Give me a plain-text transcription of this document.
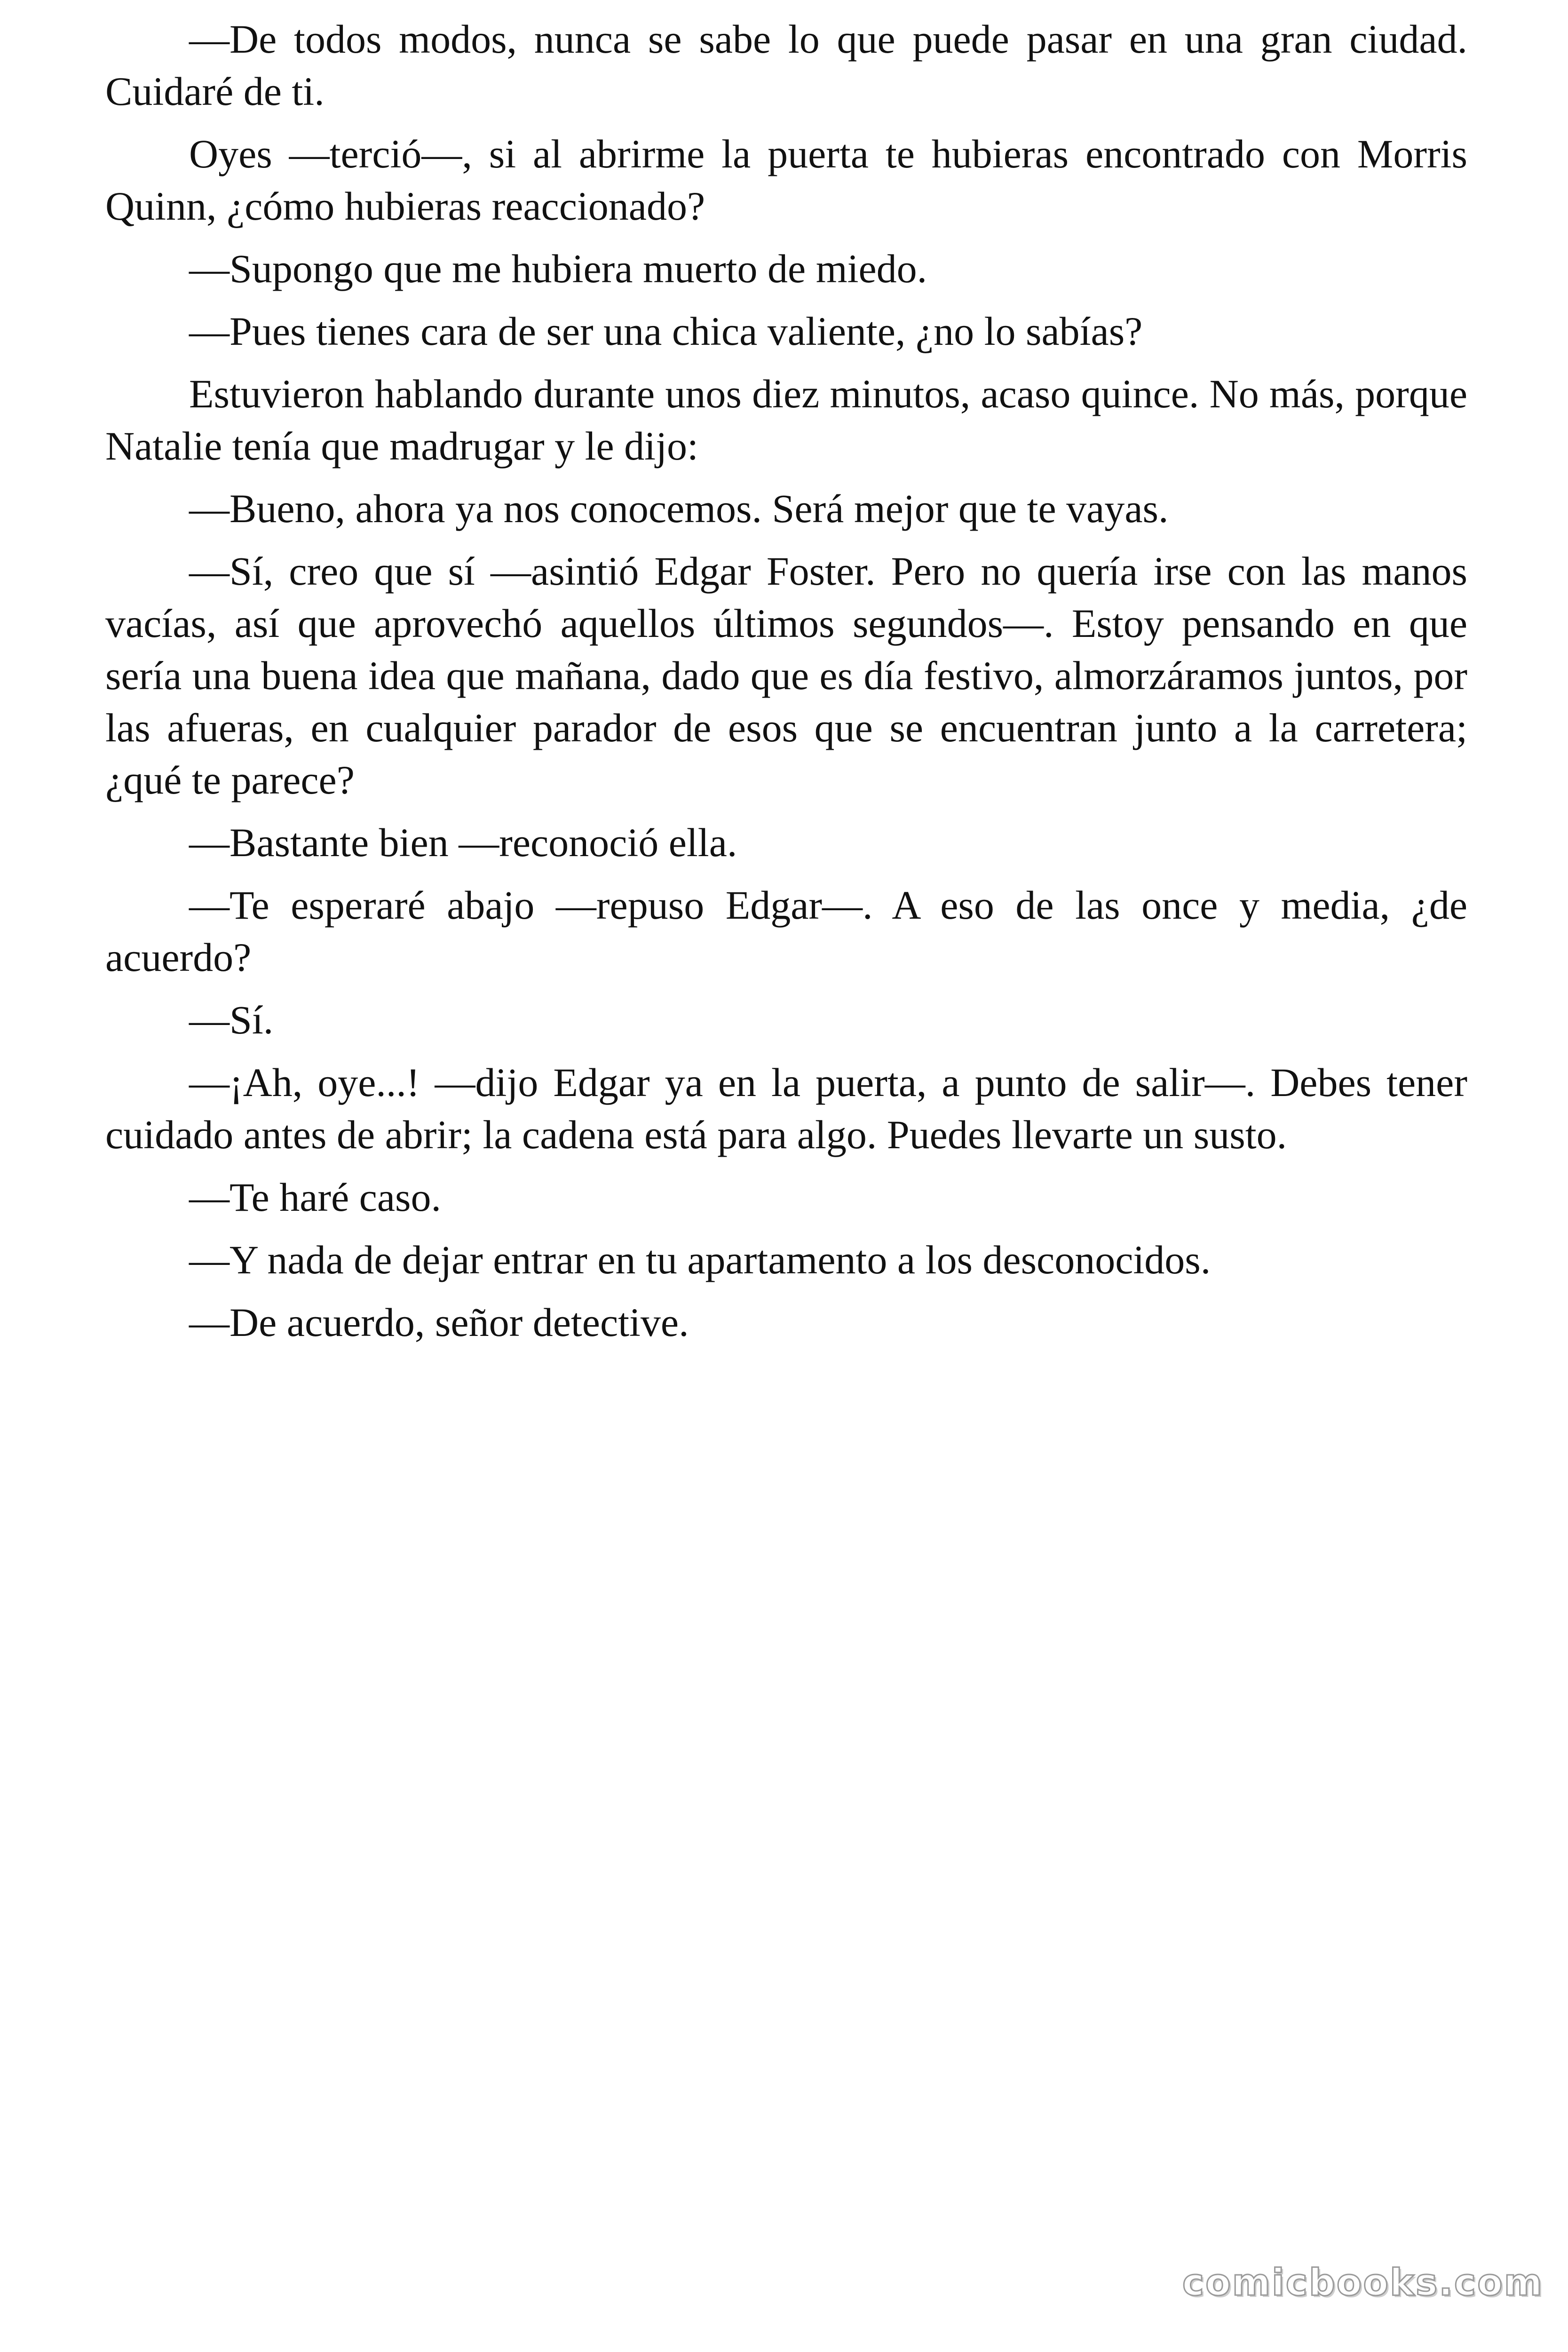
—De todos modos, nunca se sabe lo que puede pasar en una gran ciudad. Cuidaré de ti.

Oyes —terció—, si al abrirme la puerta te hubieras encontrado con Morris Quinn, ¿cómo hubieras reaccionado?

—Supongo que me hubiera muerto de miedo.

—Pues tienes cara de ser una chica valiente, ¿no lo sabías?

Estuvieron hablando durante unos diez minutos, acaso quince. No más, porque Natalie tenía que madrugar y le dijo:

—Bueno, ahora ya nos conocemos. Será mejor que te vayas.

—Sí, creo que sí —asintió Edgar Foster. Pero no quería irse con las manos vacías, así que aprovechó aquellos últimos segundos—. Estoy pensando en que sería una buena idea que mañana, dado que es día festivo, almorzáramos juntos, por las afueras, en cualquier parador de esos que se encuentran junto a la carretera; ¿qué te parece?

—Bastante bien —reconoció ella.

—Te esperaré abajo —repuso Edgar—. A eso de las once y media, ¿de acuerdo?

—Sí.

—¡Ah, oye...! —dijo Edgar ya en la puerta, a punto de salir—. Debes tener cuidado antes de abrir; la cadena está para algo. Puedes llevarte un susto.

—Te haré caso.

—Y nada de dejar entrar en tu apartamento a los desconocidos.

—De acuerdo, señor detective.

comicbooks.com
